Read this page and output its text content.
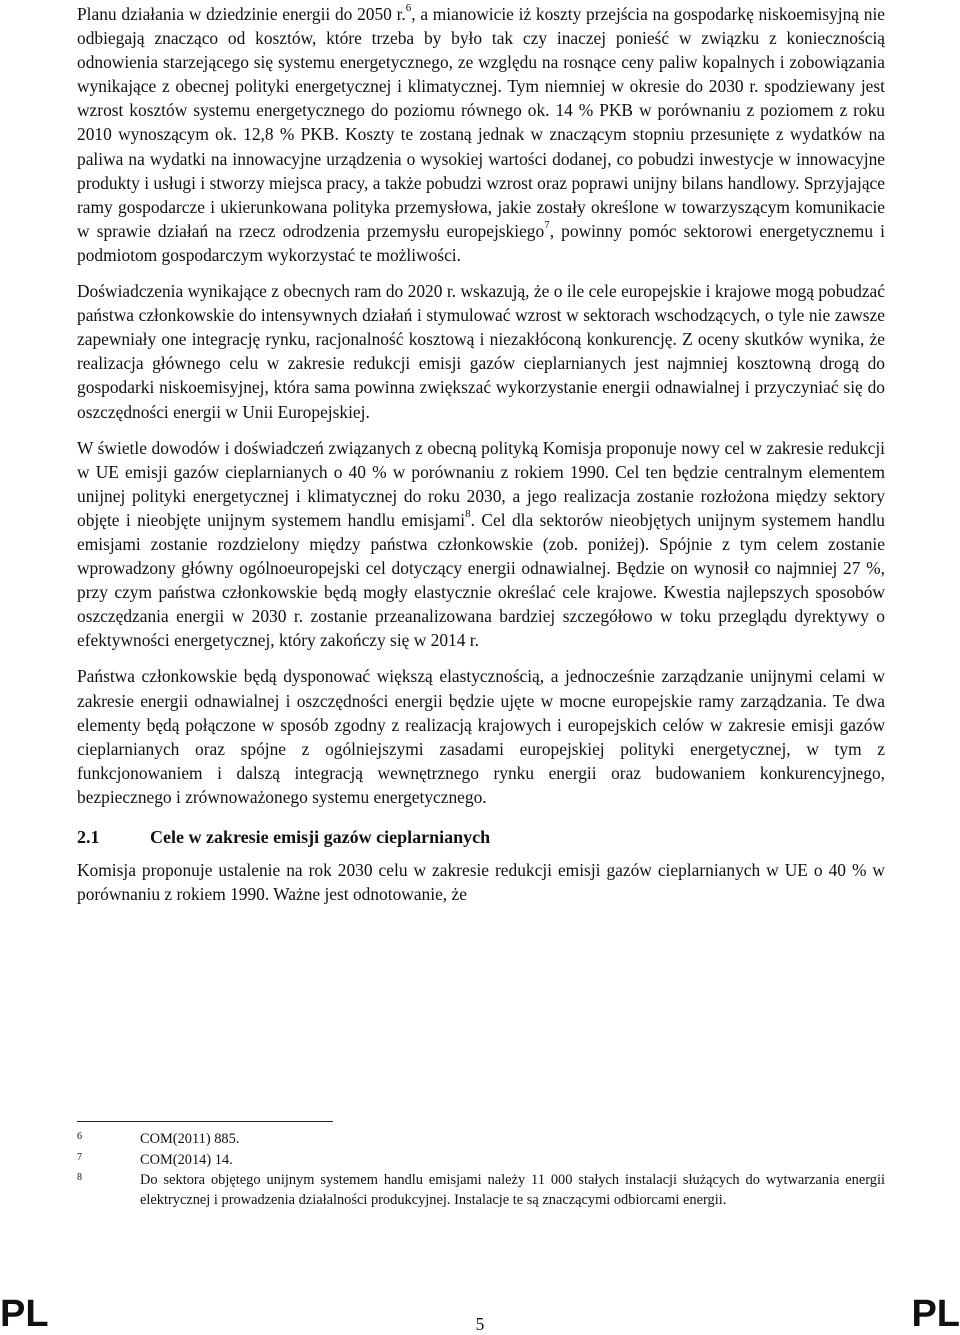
Planu działania w dziedzinie energii do 2050 r.$^6$, a mianowicie iż koszty przejścia na gospodarkę niskoemisyjną nie odbiegają znacząco od kosztów, które trzeba by było tak czy inaczej ponieść w związku z koniecznością odnowienia starzejącego się systemu energetycznego, ze względu na rosnące ceny paliw kopalnych i zobowiązania wynikające z obecnej polityki energetycznej i klimatycznej. Tym niemniej w okresie do 2030 r. spodziewany jest wzrost kosztów systemu energetycznego do poziomu równego ok. 14 % PKB w porównaniu z poziomem z roku 2010 wynoszącym ok. 12,8 % PKB. Koszty te zostaną jednak w znaczącym stopniu przesunięte z wydatków na paliwa na wydatki na innowacyjne urządzenia o wysokiej wartości dodanej, co pobudzi inwestycje w innowacyjne produkty i usługi i stworzy miejsca pracy, a także pobudzi wzrost oraz poprawi unijny bilans handlowy. Sprzyjające ramy gospodarcze i ukierunkowana polityka przemysłowa, jakie zostały określone w towarzyszącym komunikacie w sprawie działań na rzecz odrodzenia przemysłu europejskiego$^7$, powinny pomóc sektorowi energetycznemu i podmiotom gospodarczym wykorzystać te możliwości.

Doświadczenia wynikające z obecnych ram do 2020 r. wskazują, że o ile cele europejskie i krajowe mogą pobudzać państwa członkowskie do intensywnych działań i stymulować wzrost w sektorach wschodzących, o tyle nie zawsze zapewniały one integrację rynku, racjonalność kosztową i niezakłóconą konkurencję. Z oceny skutków wynika, że realizacja głównego celu w zakresie redukcji emisji gazów cieplarnianych jest najmniej kosztowną drogą do gospodarki niskoemisyjnej, która sama powinna zwiększać wykorzystanie energii odnawialnej i przyczyniać się do oszczędności energii w Unii Europejskiej.

W świetle dowodów i doświadczeń związanych z obecną polityką Komisja proponuje nowy cel w zakresie redukcji w UE emisji gazów cieplarnianych o 40 % w porównaniu z rokiem 1990. Cel ten będzie centralnym elementem unijnej polityki energetycznej i klimatycznej do roku 2030, a jego realizacja zostanie rozłożona między sektory objęte i nieobjęte unijnym systemem handlu emisjami$^8$. Cel dla sektorów nieobjętych unijnym systemem handlu emisjami zostanie rozdzielony między państwa członkowskie (zob. poniżej). Spójnie z tym celem zostanie wprowadzony główny ogólnoeuropejski cel dotyczący energii odnawialnej. Będzie on wynosił co najmniej 27 %, przy czym państwa członkowskie będą mogły elastycznie określać cele krajowe. Kwestia najlepszych sposobów oszczędzania energii w 2030 r. zostanie przeanalizowana bardziej szczegółowo w toku przeglądu dyrektywy o efektywności energetycznej, który zakończy się w 2014 r.

Państwa członkowskie będą dysponować większą elastycznością, a jednocześnie zarządzanie unijnymi celami w zakresie energii odnawialnej i oszczędności energii będzie ujęte w mocne europejskie ramy zarządzania. Te dwa elementy będą połączone w sposób zgodny z realizacją krajowych i europejskich celów w zakresie emisji gazów cieplarnianych oraz spójne z ogólniejszymi zasadami europejskiej polityki energetycznej, w tym z funkcjonowaniem i dalszą integracją wewnętrznego rynku energii oraz budowaniem konkurencyjnego, bezpiecznego i zrównoważonego systemu energetycznego.

2.1	Cele w zakresie emisji gazów cieplarnianych

Komisja proponuje ustalenie na rok 2030 celu w zakresie redukcji emisji gazów cieplarnianych w UE o 40 % w porównaniu z rokiem 1990. Ważne jest odnotowanie, że

6	COM(2011) 885.
7	COM(2014) 14.
8	Do sektora objętego unijnym systemem handlu emisjami należy 11 000 stałych instalacji służących do wytwarzania energii elektrycznej i prowadzenia działalności produkcyjnej. Instalacje te są znaczącymi odbiorcami energii.
PL	5	PL
